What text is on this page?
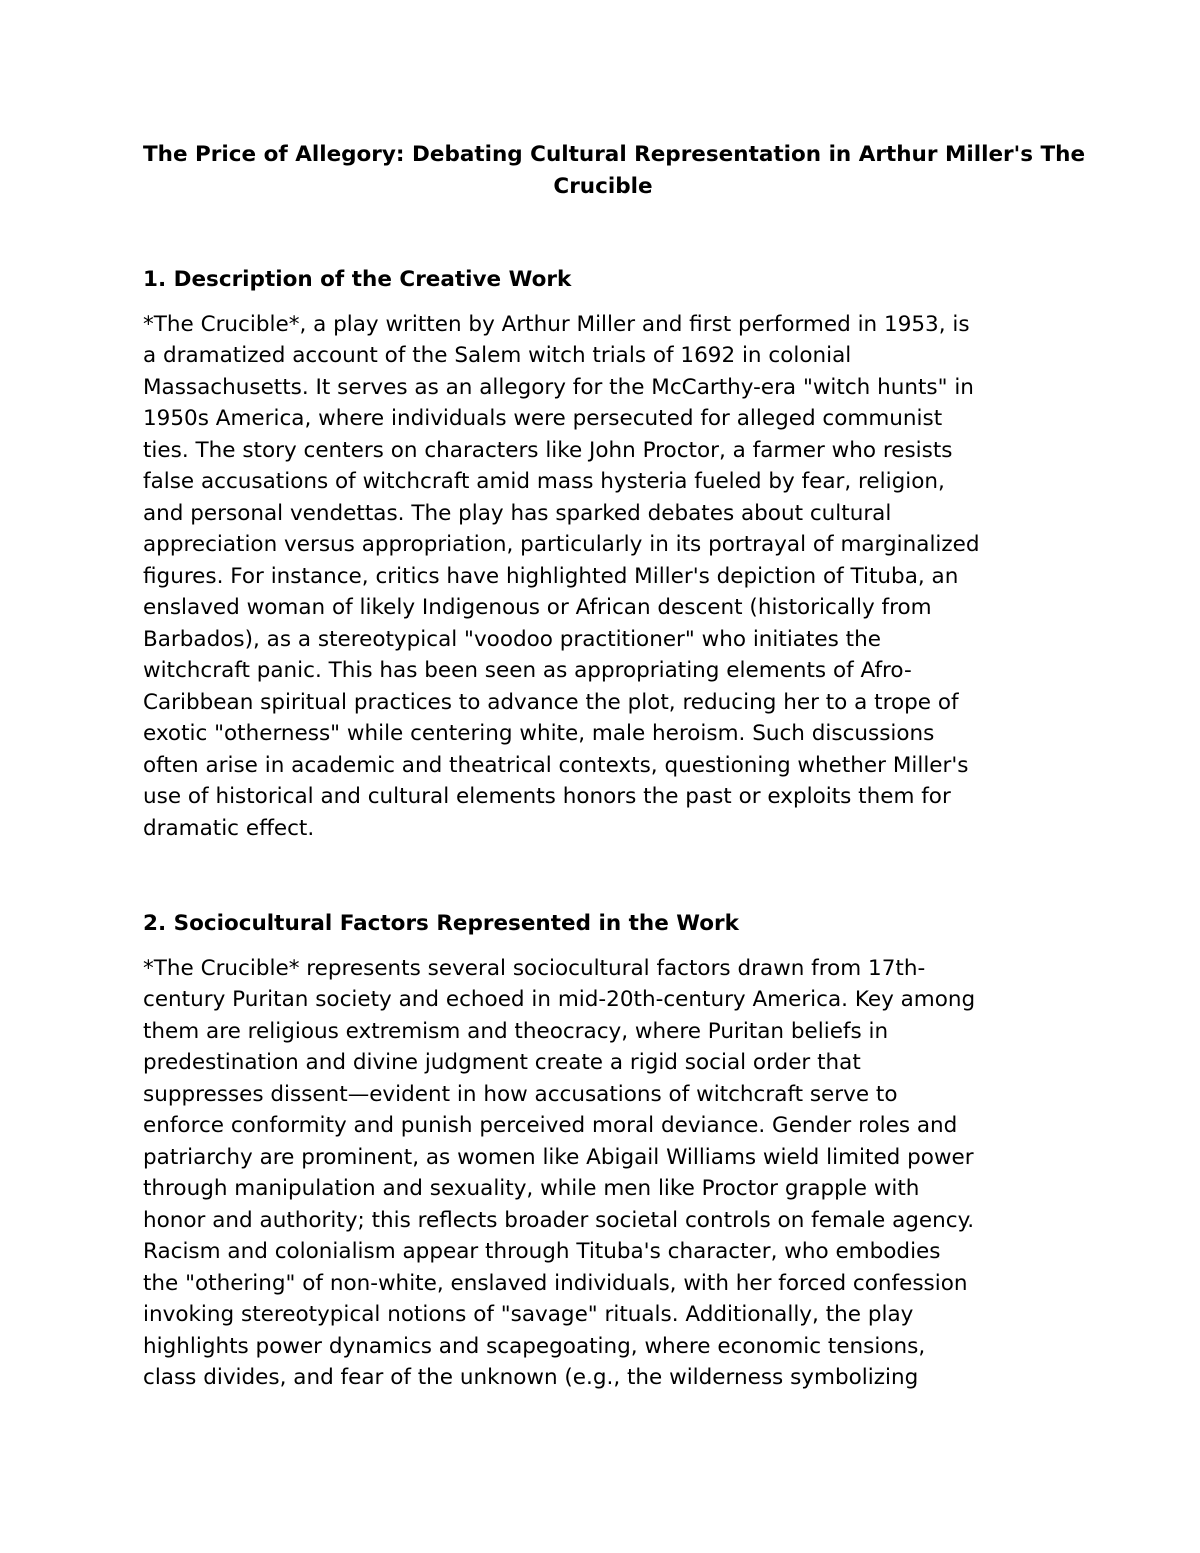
The Price of Allegory: Debating Cultural Representation in Arthur Miller's The
Crucible
1. Description of the Creative Work
*The Crucible*, a play written by Arthur Miller and first performed in 1953, is
a dramatized account of the Salem witch trials of 1692 in colonial
Massachusetts. It serves as an allegory for the McCarthy-era "witch hunts" in
1950s America, where individuals were persecuted for alleged communist
ties. The story centers on characters like John Proctor, a farmer who resists
false accusations of witchcraft amid mass hysteria fueled by fear, religion,
and personal vendettas. The play has sparked debates about cultural
appreciation versus appropriation, particularly in its portrayal of marginalized
figures. For instance, critics have highlighted Miller's depiction of Tituba, an
enslaved woman of likely Indigenous or African descent (historically from
Barbados), as a stereotypical "voodoo practitioner" who initiates the
witchcraft panic. This has been seen as appropriating elements of Afro-
Caribbean spiritual practices to advance the plot, reducing her to a trope of
exotic "otherness" while centering white, male heroism. Such discussions
often arise in academic and theatrical contexts, questioning whether Miller's
use of historical and cultural elements honors the past or exploits them for
dramatic effect.
2. Sociocultural Factors Represented in the Work
*The Crucible* represents several sociocultural factors drawn from 17th-
century Puritan society and echoed in mid-20th-century America. Key among
them are religious extremism and theocracy, where Puritan beliefs in
predestination and divine judgment create a rigid social order that
suppresses dissent—evident in how accusations of witchcraft serve to
enforce conformity and punish perceived moral deviance. Gender roles and
patriarchy are prominent, as women like Abigail Williams wield limited power
through manipulation and sexuality, while men like Proctor grapple with
honor and authority; this reflects broader societal controls on female agency.
Racism and colonialism appear through Tituba's character, who embodies
the "othering" of non-white, enslaved individuals, with her forced confession
invoking stereotypical notions of "savage" rituals. Additionally, the play
highlights power dynamics and scapegoating, where economic tensions,
class divides, and fear of the unknown (e.g., the wilderness symbolizing
